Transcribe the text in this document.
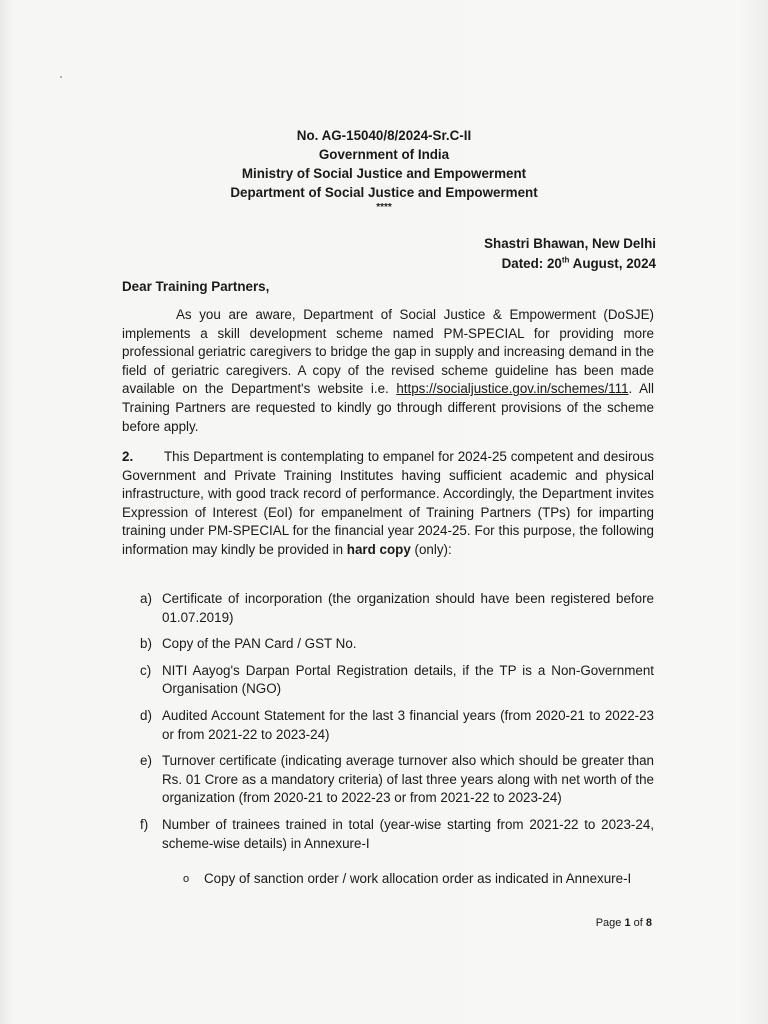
No. AG-15040/8/2024-Sr.C-II
Government of India
Ministry of Social Justice and Empowerment
Department of Social Justice and Empowerment
****
Shastri Bhawan, New Delhi
Dated: 20th August, 2024
Dear Training Partners,
As you are aware, Department of Social Justice & Empowerment (DoSJE) implements a skill development scheme named PM-SPECIAL for providing more professional geriatric caregivers to bridge the gap in supply and increasing demand in the field of geriatric caregivers. A copy of the revised scheme guideline has been made available on the Department's website i.e. https://socialjustice.gov.in/schemes/111. All Training Partners are requested to kindly go through different provisions of the scheme before apply.
2. This Department is contemplating to empanel for 2024-25 competent and desirous Government and Private Training Institutes having sufficient academic and physical infrastructure, with good track record of performance. Accordingly, the Department invites Expression of Interest (EoI) for empanelment of Training Partners (TPs) for imparting training under PM-SPECIAL for the financial year 2024-25. For this purpose, the following information may kindly be provided in hard copy (only):
a) Certificate of incorporation (the organization should have been registered before 01.07.2019)
b) Copy of the PAN Card / GST No.
c) NITI Aayog's Darpan Portal Registration details, if the TP is a Non-Government Organisation (NGO)
d) Audited Account Statement for the last 3 financial years (from 2020-21 to 2022-23 or from 2021-22 to 2023-24)
e) Turnover certificate (indicating average turnover also which should be greater than Rs. 01 Crore as a mandatory criteria) of last three years along with net worth of the organization (from 2020-21 to 2022-23 or from 2021-22 to 2023-24)
f) Number of trainees trained in total (year-wise starting from 2021-22 to 2023-24, scheme-wise details) in Annexure-I
o	Copy of sanction order / work allocation order as indicated in Annexure-I
Page 1 of 8
